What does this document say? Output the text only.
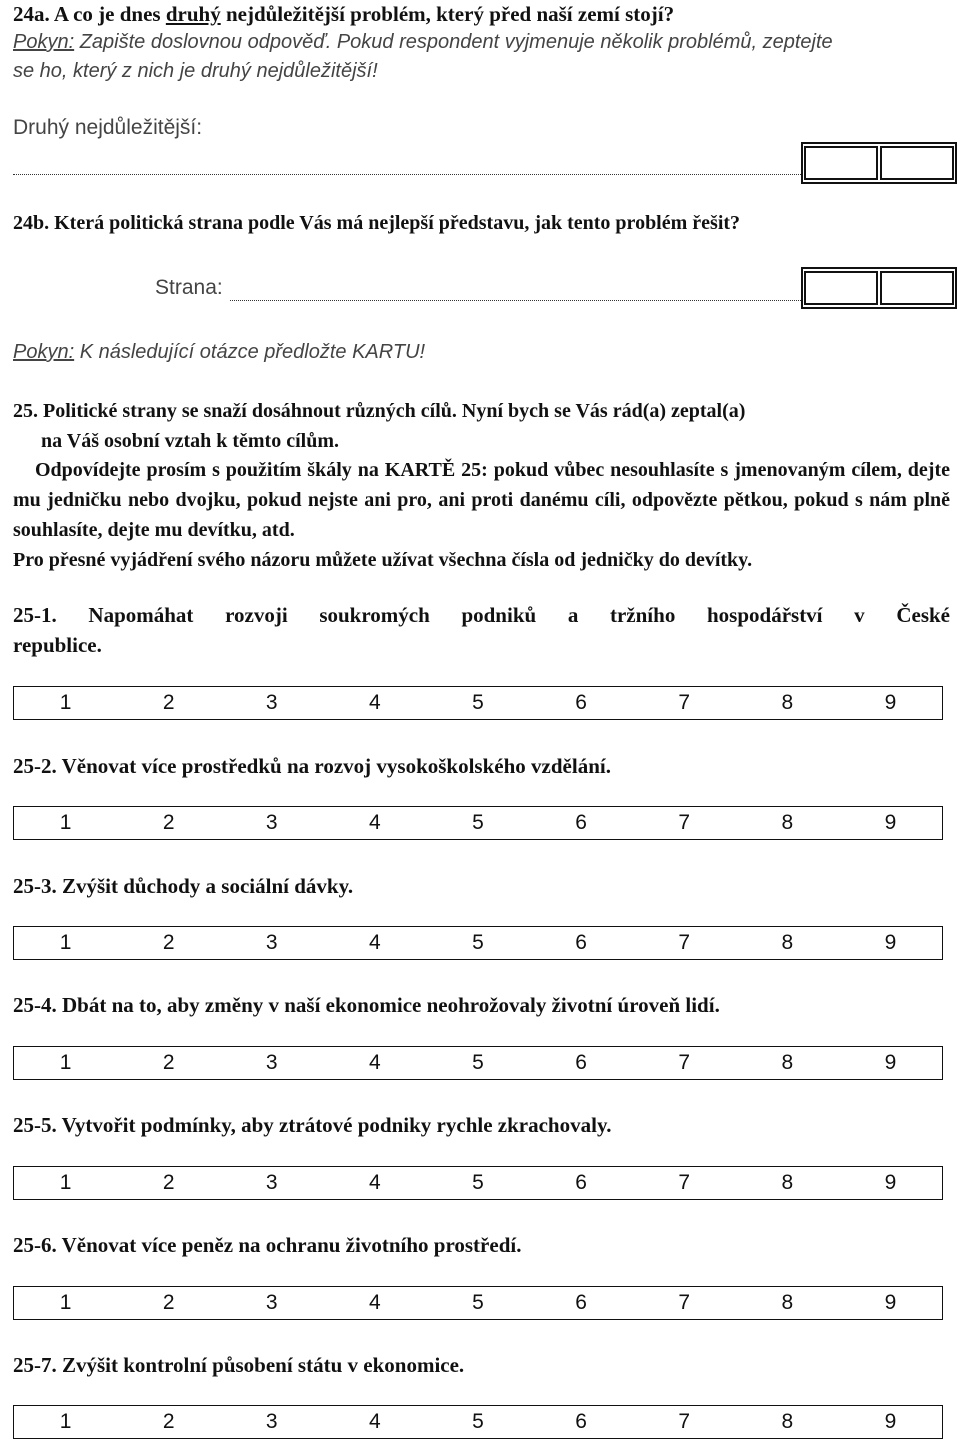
24a. A co je dnes druhý nejdůležitější problém, který před naší zemí stojí?
Pokyn: Zapište doslovnou odpověď. Pokud respondent vyjmenuje několik problémů, zeptejte
se ho, který z nich je druhý nejdůležitější!
Druhý nejdůležitější:
24b. Která politická strana podle Vás má nejlepší představu, jak tento problém řešit?
Strana:
Pokyn: K následující otázce předložte KARTU!
25. Politické strany se snaží dosáhnout různých cílů. Nyní bych se Vás rád(a) zeptal(a)
na Váš osobní vztah k těmto cílům.
Odpovídejte prosím s použitím škály na KARTĚ 25: pokud vůbec nesouhlasíte s jmenovaným cílem, dejte mu jedničku nebo dvojku, pokud nejste ani pro, ani proti danému cíli, odpovězte pětkou, pokud s nám plně souhlasíte, dejte mu devítku, atd.
Pro přesné vyjádření svého názoru můžete užívat všechna čísla od jedničky do devítky.
25-1. Napomáhat rozvoji soukromých podniků a tržního hospodářství v České
republice.
1	2	3	4	5	6	7	8	9
25-2. Věnovat více prostředků na rozvoj vysokoškolského vzdělání.
1	2	3	4	5	6	7	8	9
25-3. Zvýšit důchody a sociální dávky.
1	2	3	4	5	6	7	8	9
25-4. Dbát na to, aby změny v naší ekonomice neohrožovaly životní úroveň lidí.
1	2	3	4	5	6	7	8	9
25-5. Vytvořit podmínky, aby ztrátové podniky rychle zkrachovaly.
1	2	3	4	5	6	7	8	9
25-6. Věnovat více peněz na ochranu životního prostředí.
1	2	3	4	5	6	7	8	9
25-7. Zvýšit kontrolní působení státu v ekonomice.
1	2	3	4	5	6	7	8	9
